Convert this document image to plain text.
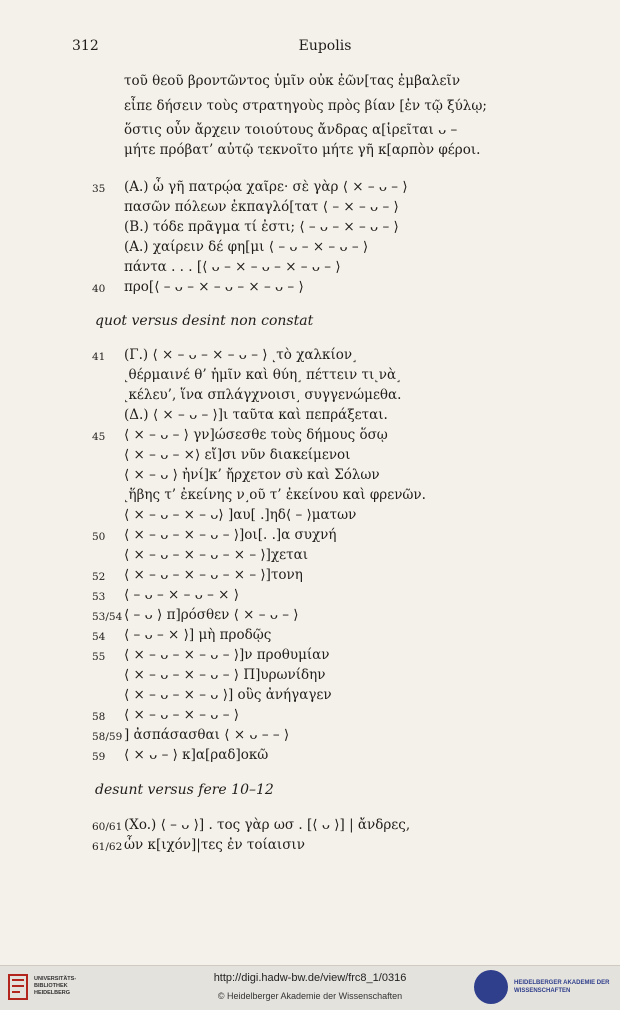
312	Eupolis
τοῦ θεοῦ βροντῶντος ὑμῖν οὐκ ἐῶν[τας ἐμβαλεῖν
εἶπε δήσειν τοὺς στρατηγοὺς πρὸς βίαν [ἐν τῷ ξύλῳ;
ὅστις οὖν ἄρχειν τοιούτους ἄνδρας α[ἱρεῖται ᴗ –
μήτε πρόβατ’ αὐτῷ τεκνοῖτο μήτε γῆ κ[αρπὸν φέροι.
35 (A.) ὦ γῆ πατρῴα χαῖρε· σὲ γὰρ ⟨ × – ᴗ – ⟩
πασῶν πόλεων ἐκπαγλό[τατ ⟨ – × – ᴗ – ⟩
(B.) τόδε πρᾶγμα τί ἐστι; ⟨ – ᴗ – × – ᴗ – ⟩
(A.) χαίρειν δέ φη[μι ⟨ – ᴗ – × – ᴗ – ⟩
πάντα . . . [⟨ ᴗ – × – ᴗ – × – ᴗ – ⟩
40 προ[⟨ – ᴗ – × – ᴗ – × – ᴗ – ⟩
quot versus desint non constat
41 (Γ.) ⟨ × – ᴗ – × – ᴗ – ⟩ ˻τὸ χαλκίον˼
˻θέρμαινέ θ’ ἡμῖν καὶ θύη˼ πέττειν τι˻νὰ˼
˻κέλευ’, ἵνα σπλάγχνοισι˼ συγγενώμεθα.
(Δ.) ⟨ × – ᴗ – ⟩]ι ταῦτα καὶ πεπράξεται.
45 ⟨ × – ᴗ – ⟩ γν]ώσεσθε τοὺς δήμους ὅσῳ
⟨ × – ᴗ – ×⟩ εἴ]σι νῦν διακείμενοι
⟨ × – ᴗ ⟩ ἠνί]κ’ ἤρχετον σὺ καὶ Σόλων
˻ἥβης τ’ ἐκείνης ν˼οῦ τ’ ἐκείνου καὶ φρενῶν.
⟨ × – ᴗ – × – ᴗ⟩ ]αυ[ .]ηδ⟨ – ⟩ματων
50 ⟨ × – ᴗ – × – ᴗ – ⟩]οι[. .]α συχνή
⟨ × – ᴗ – × – ᴗ – × – ⟩]χεται
52 ⟨ × – ᴗ – × – ᴗ – × – ⟩]τονη
53 ⟨ – ᴗ – × – ᴗ – × ⟩
53/54 ⟨ – ᴗ ⟩ π]ρόσθεν ⟨ × – ᴗ – ⟩
54 ⟨ – ᴗ – × ⟩] μὴ προδῷς
55 ⟨ × – ᴗ – × – ᴗ – ⟩]ν προθυμίαν
⟨ × – ᴗ – × – ᴗ – ⟩ Π]υρωνίδην
⟨ × – ᴗ – × – ᴗ ⟩] οὓς ἀνήγαγεν
58 ⟨ × – ᴗ – × – ᴗ – ⟩
58/59 ] ἀσπάσασθαι ⟨ × ᴗ – – ⟩
59 ⟨ × ᴗ – ⟩ κ]α[ραδ]οκῶ
desunt versus fere 10–12
60/61 (Xo.) ⟨ – ᴗ ⟩] . τος γὰρ ωσ . [⟨ ᴗ ⟩] | ἄνδρες,
61/62 ὧν κ[ιχόν]|τες ἐν τοίαισιν
UNIVERSITÄTS- BIBLIOTHEK HEIDELBERG
http://digi.hadw-bw.de/view/frc8_1/0316
© Heidelberger Akademie der Wissenschaften
HEIDELBERGER AKADEMIE DER WISSENSCHAFTEN
